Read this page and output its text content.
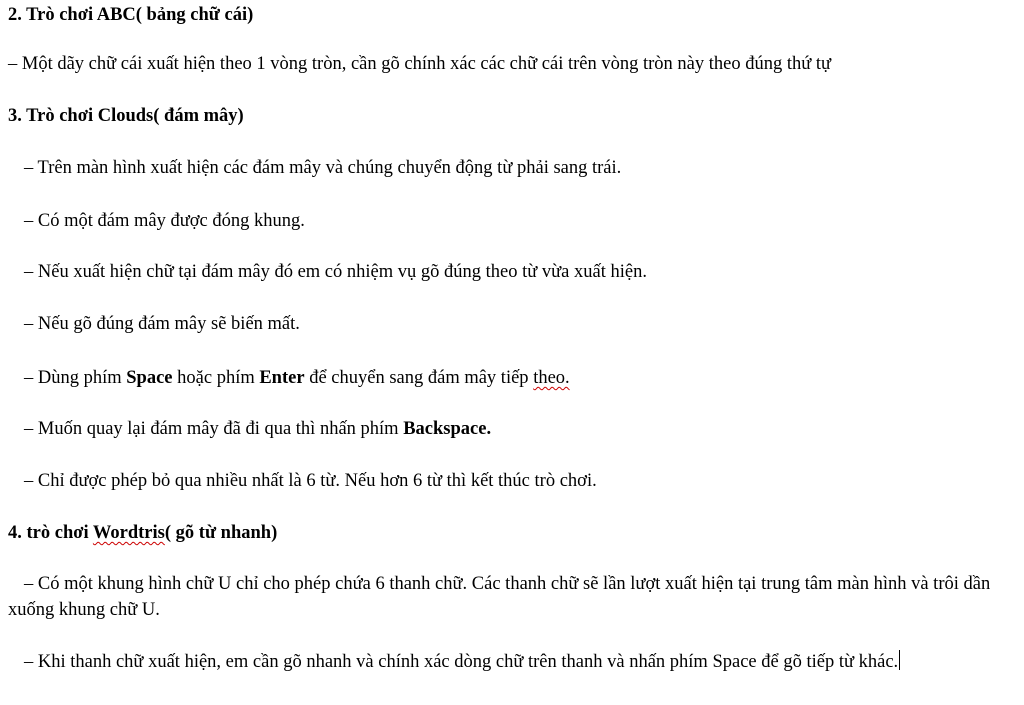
2. Trò chơi ABC( bảng chữ cái)
– Một dãy chữ cái xuất hiện theo 1 vòng tròn, cần gõ chính xác các chữ cái trên vòng tròn này theo đúng thứ tự
3. Trò chơi Clouds( đám mây)
– Trên màn hình xuất hiện các đám mây và chúng chuyển động từ phải sang trái.
– Có một đám mây được đóng khung.
– Nếu xuất hiện chữ tại đám mây đó em có nhiệm vụ gõ đúng theo từ vừa xuất hiện.
– Nếu gõ đúng đám mây sẽ biến mất.
– Dùng phím Space hoặc phím Enter để chuyển sang đám mây tiếp theo.
– Muốn quay lại đám mây đã đi qua thì nhấn phím Backspace.
– Chỉ được phép bỏ qua nhiều nhất là 6 từ. Nếu hơn 6 từ thì kết thúc trò chơi.
4. trò chơi Wordtris( gõ từ nhanh)
– Có một khung hình chữ U chỉ cho phép chứa 6 thanh chữ. Các thanh chữ sẽ lần lượt xuất hiện tại trung tâm màn hình và trôi dần xuống khung chữ U.
– Khi thanh chữ xuất hiện, em cần gõ nhanh và chính xác dòng chữ trên thanh và nhấn phím Space để gõ tiếp từ khác.
